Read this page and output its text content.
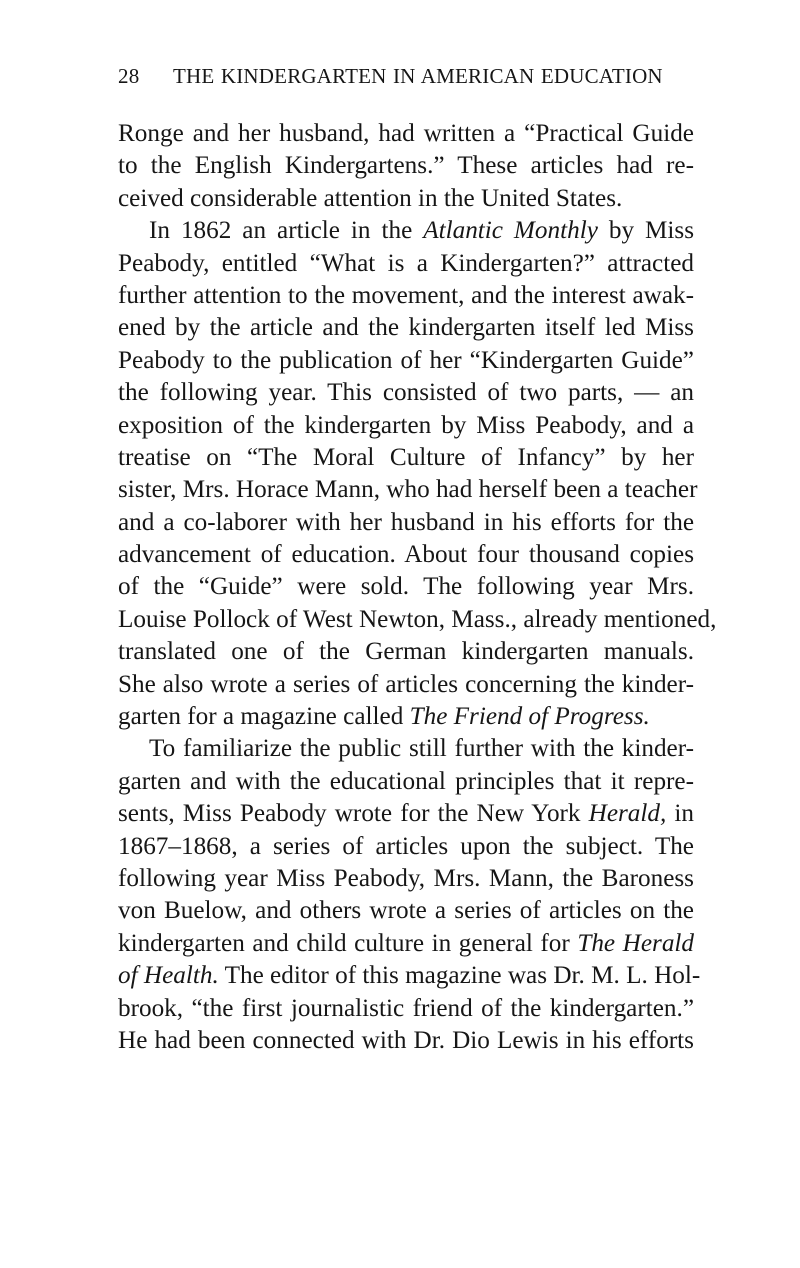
28 THE KINDERGARTEN IN AMERICAN EDUCATION
Ronge and her husband, had written a “Practical Guide
to the English Kindergartens.” These articles had re-
ceived considerable attention in the United States.
In 1862 an article in the Atlantic Monthly by Miss
Peabody, entitled “What is a Kindergarten?” attracted
further attention to the movement, and the interest awak-
ened by the article and the kindergarten itself led Miss
Peabody to the publication of her “Kindergarten Guide”
the following year. This consisted of two parts, — an
exposition of the kindergarten by Miss Peabody, and a
treatise on “The Moral Culture of Infancy” by her
sister, Mrs. Horace Mann, who had herself been a teacher
and a co-laborer with her husband in his efforts for the
advancement of education. About four thousand copies
of the “Guide” were sold. The following year Mrs.
Louise Pollock of West Newton, Mass., already mentioned,
translated one of the German kindergarten manuals.
She also wrote a series of articles concerning the kinder-
garten for a magazine called The Friend of Progress.
To familiarize the public still further with the kinder-
garten and with the educational principles that it repre-
sents, Miss Peabody wrote for the New York Herald, in
1867–1868, a series of articles upon the subject. The
following year Miss Peabody, Mrs. Mann, the Baroness
von Buelow, and others wrote a series of articles on the
kindergarten and child culture in general for The Herald
of Health. The editor of this magazine was Dr. M. L. Hol-
brook, “the first journalistic friend of the kindergarten.”
He had been connected with Dr. Dio Lewis in his efforts
